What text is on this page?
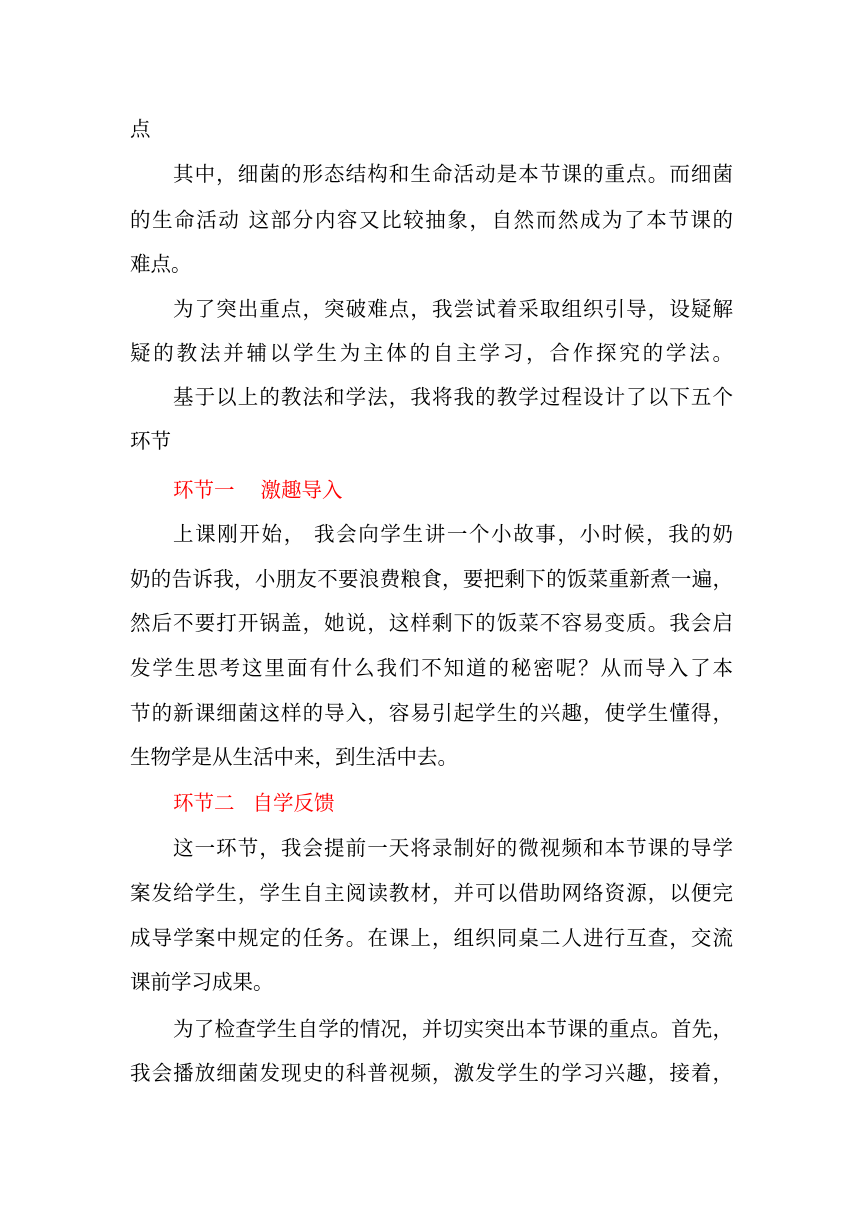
点
其中，细菌的形态结构和生命活动是本节课的重点。而细菌
的生命活动 这部分内容又比较抽象，自然而然成为了本节课的
难点。
为了突出重点，突破难点，我尝试着采取组织引导，设疑解
疑的教法并辅以学生为主体的自主学习，合作探究的学法。
基于以上的教法和学法，我将我的教学过程设计了以下五个
环节
环节一 激趣导入
上课刚开始， 我会向学生讲一个小故事，小时候，我的奶
奶的告诉我，小朋友不要浪费粮食，要把剩下的饭菜重新煮一遍，
然后不要打开锅盖，她说，这样剩下的饭菜不容易变质。我会启
发学生思考这里面有什么我们不知道的秘密呢？从而导入了本
节的新课细菌这样的导入，容易引起学生的兴趣，使学生懂得，
生物学是从生活中来，到生活中去。
环节二 自学反馈
这一环节，我会提前一天将录制好的微视频和本节课的导学
案发给学生，学生自主阅读教材，并可以借助网络资源，以便完
成导学案中规定的任务。在课上，组织同桌二人进行互查，交流
课前学习成果。
为了检查学生自学的情况，并切实突出本节课的重点。首先，
我会播放细菌发现史的科普视频，激发学生的学习兴趣，接着，
